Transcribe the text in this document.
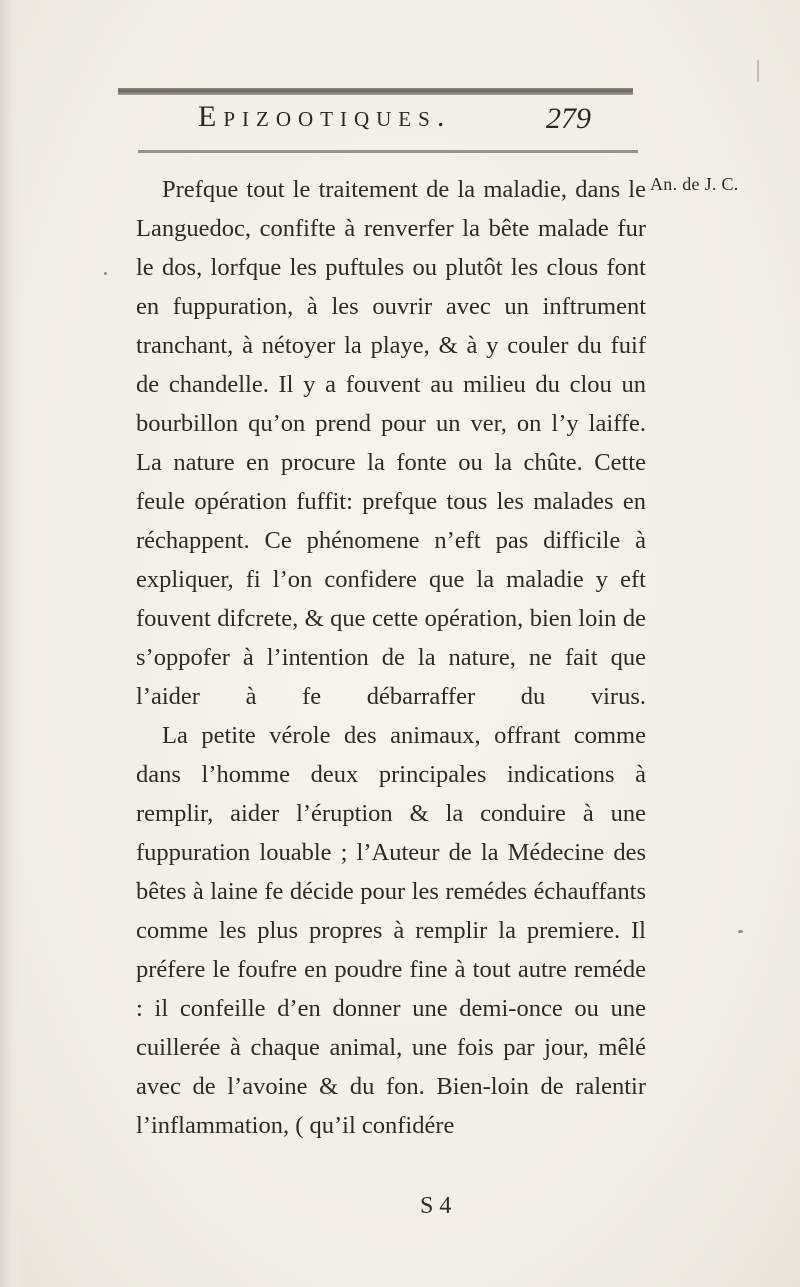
Epizootiques.	279
An. de J. C.

Prefque tout le traitement de la maladie, dans le Languedoc, confifte à renverfer la bête malade fur le dos, lorfque les puftules ou plutôt les clous font en fuppuration, à les ouvrir avec un inftrument tranchant, à nétoyer la playe, & à y couler du fuif de chandelle. Il y a fouvent au milieu du clou un bourbillon qu’on prend pour un ver, on l’y laiffe. La nature en procure la fonte ou la chûte. Cette feule opération fuffit: prefque tous les malades en réchappent. Ce phénomene n’eft pas difficile à expliquer, fi l’on confidere que la maladie y eft fouvent difcrete, & que cette opération, bien loin de s’oppofer à l’intention de la nature, ne fait que l’aider à fe débarraffer du virus.

La petite vérole des animaux, offrant comme dans l’homme deux principales indications à remplir, aider l’éruption & la conduire à une fuppuration louable ; l’Auteur de la Médecine des bêtes à laine fe décide pour les remédes échauffants comme les plus propres à remplir la premiere. Il préfere le foufre en poudre fine à tout autre reméde : il confeille d’en donner une demi-once ou une cuillerée à chaque animal, une fois par jour, mêlé avec de l’avoine & du fon. Bien-loin de ralentir l’inflammation, ( qu’il confidére

S 4
